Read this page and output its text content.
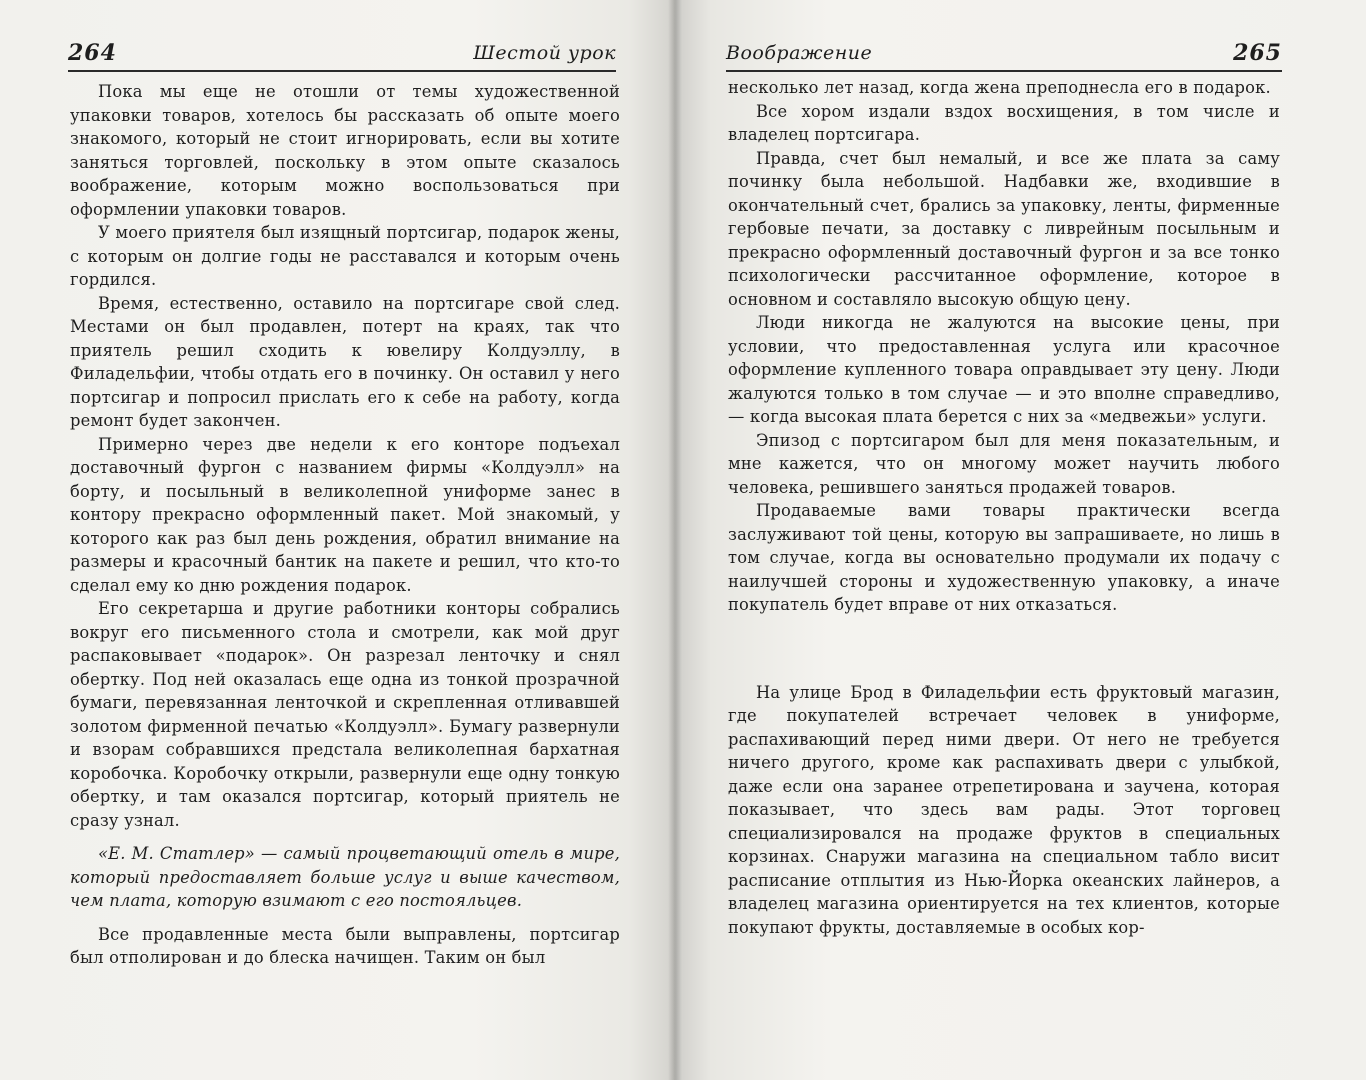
264	Шестой урок

Пока мы еще не отошли от темы художественной упаковки товаров, хотелось бы рассказать об опыте моего знакомого, который не стоит игнорировать, если вы хотите заняться торговлей, поскольку в этом опыте сказалось воображение, которым можно воспользоваться при оформлении упаковки товаров.

У моего приятеля был изящный портсигар, подарок жены, с которым он долгие годы не расставался и которым очень гордился.

Время, естественно, оставило на портсигаре свой след. Местами он был продавлен, потерт на краях, так что приятель решил сходить к ювелиру Колдуэллу, в Филадельфии, чтобы отдать его в починку. Он оставил у него портсигар и попросил прислать его к себе на работу, когда ремонт будет закончен.

Примерно через две недели к его конторе подъехал доставочный фургон с названием фирмы «Колдуэлл» на борту, и посыльный в великолепной униформе занес в контору прекрасно оформленный пакет. Мой знакомый, у которого как раз был день рождения, обратил внимание на размеры и красочный бантик на пакете и решил, что кто-то сделал ему ко дню рождения подарок.

Его секретарша и другие работники конторы собрались вокруг его письменного стола и смотрели, как мой друг распаковывает «подарок». Он разрезал ленточку и снял обертку. Под ней оказалась еще одна из тонкой прозрачной бумаги, перевязанная ленточкой и скрепленная отливавшей золотом фирменной печатью «Колдуэлл». Бумагу развернули и взорам собравшихся предстала великолепная бархатная коробочка. Коробочку открыли, развернули еще одну тонкую обертку, и там оказался портсигар, который приятель не сразу узнал.

«Е. М. Статлер» — самый процветающий отель в мире, который предоставляет больше услуг и выше качеством, чем плата, которую взимают с его постояльцев.

Все продавленные места были выправлены, портсигар был отполирован и до блеска начищен. Таким он был

Воображение	265

несколько лет назад, когда жена преподнесла его в подарок.

Все хором издали вздох восхищения, в том числе и владелец портсигара.

Правда, счет был немалый, и все же плата за саму починку была небольшой. Надбавки же, входившие в окончательный счет, брались за упаковку, ленты, фирменные гербовые печати, за доставку с ливрейным посыльным и прекрасно оформленный доставочный фургон и за все тонко психологически рассчитанное оформление, которое в основном и составляло высокую общую цену.

Люди никогда не жалуются на высокие цены, при условии, что предоставленная услуга или красочное оформление купленного товара оправдывает эту цену. Люди жалуются только в том случае — и это вполне справедливо, — когда высокая плата берется с них за «медвежьи» услуги.

Эпизод с портсигаром был для меня показательным, и мне кажется, что он многому может научить любого человека, решившего заняться продажей товаров.

Продаваемые вами товары практически всегда заслуживают той цены, которую вы запрашиваете, но лишь в том случае, когда вы основательно продумали их подачу с наилучшей стороны и художественную упаковку, а иначе покупатель будет вправе от них отказаться.

На улице Брод в Филадельфии есть фруктовый магазин, где покупателей встречает человек в униформе, распахивающий перед ними двери. От него не требуется ничего другого, кроме как распахивать двери с улыбкой, даже если она заранее отрепетирована и заучена, которая показывает, что здесь вам рады. Этот торговец специализировался на продаже фруктов в специальных корзинах. Снаружи магазина на специальном табло висит расписание отплытия из Нью-Йорка океанских лайнеров, а владелец магазина ориентируется на тех клиентов, которые покупают фрукты, доставляемые в особых кор-
